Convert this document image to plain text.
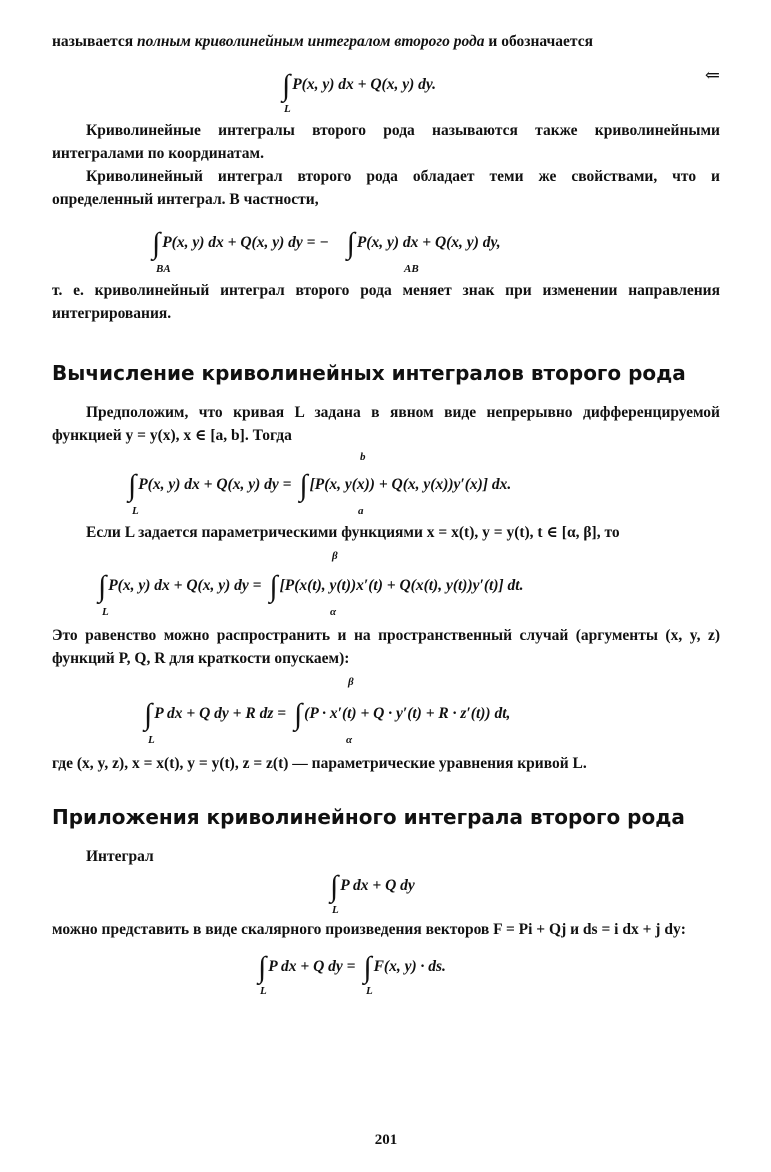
называется полным криволинейным интегралом второго рода и обозначается

∫ P(x, y) dx + Q(x, y) dy.
L
⇐

Криволинейные интегралы второго рода называются также криволинейными интегралами по координатам.

Криволинейный интеграл второго рода обладает теми же свойствами, что и определенный интеграл. В частности,

∫ P(x, y) dx + Q(x, y) dy = − ∫ P(x, y) dx + Q(x, y) dy,
BA	AB

т. е. криволинейный интеграл второго рода меняет знак при изменении направления интегрирования.

Вычисление криволинейных интегралов второго рода

Предположим, что кривая L задана в явном виде непрерывно дифференцируемой функцией y = y(x), x ∈ [a, b]. Тогда

∫ P(x, y) dx + Q(x, y) dy = ∫ [P(x, y(x)) + Q(x, y(x))y′(x)] dx.
b
L	a

Если L задается параметрическими функциями x = x(t), y = y(t), t ∈ [α, β], то

∫ P(x, y) dx + Q(x, y) dy = ∫ [P(x(t), y(t))x′(t) + Q(x(t), y(t))y′(t)] dt.
β
L	α

Это равенство можно распространить и на пространственный случай (аргументы (x, y, z) функций P, Q, R для краткости опускаем):

∫ P dx + Q dy + R dz = ∫ (P · x′(t) + Q · y′(t) + R · z′(t)) dt,
β
L	α

где (x, y, z), x = x(t), y = y(t), z = z(t) — параметрические уравнения кривой L.

Приложения криволинейного интеграла второго рода

Интеграл

∫ P dx + Q dy
L

можно представить в виде скалярного произведения векторов F = Pi + Qj и ds = i dx + j dy:

∫ P dx + Q dy = ∫ F(x, y) · ds.
L	L
201
